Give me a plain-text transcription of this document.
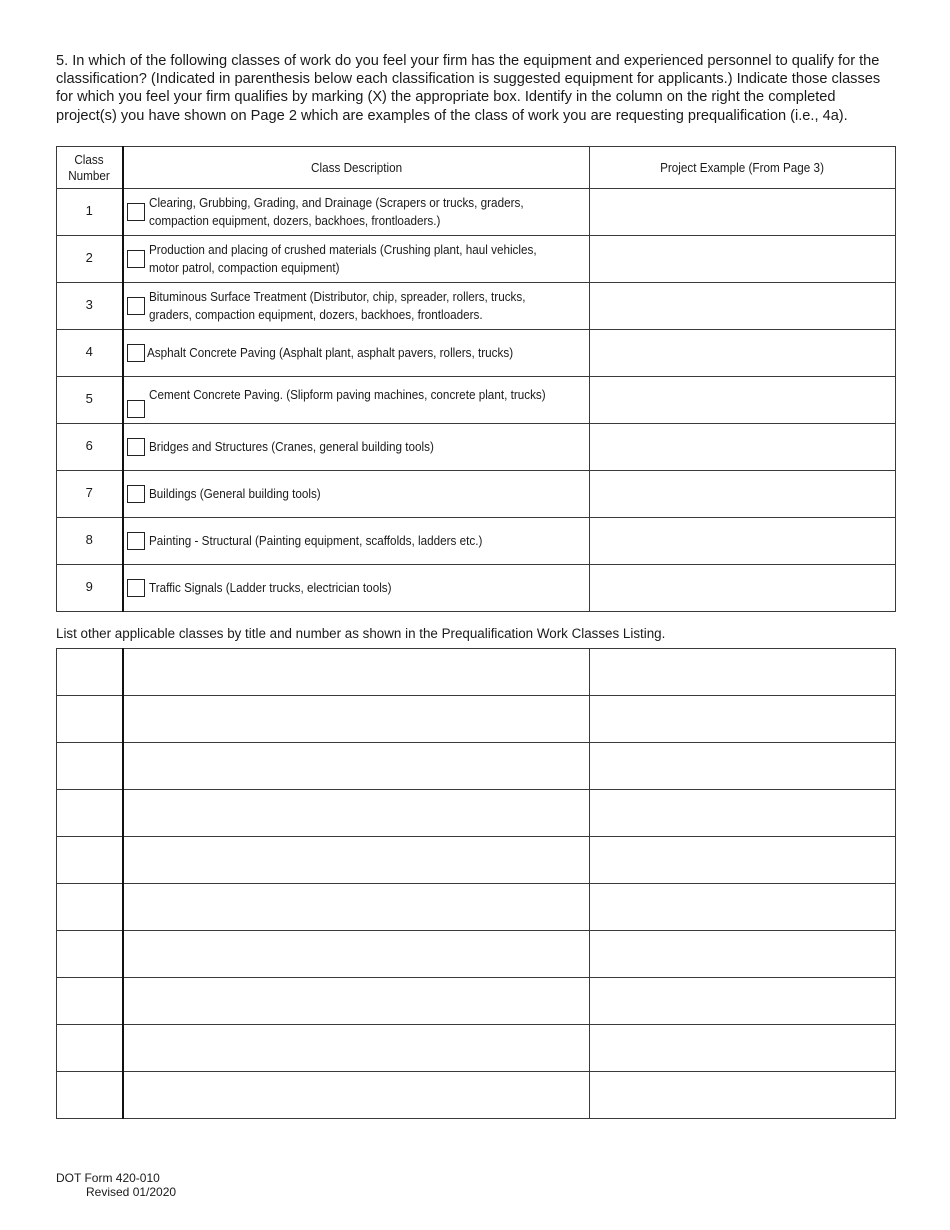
5. In which of the following classes of work do you feel your firm has the equipment and experienced personnel to qualify for the classification? (Indicated in parenthesis below each classification is suggested equipment for applicants.) Indicate those classes for which you feel your firm qualifies by marking (X) the appropriate box. Identify in the column on the right the completed project(s) you have shown on Page 2 which are examples of the class of work you are requesting prequalification (i.e., 4a).
Class Number	Class Description	Project Example (From Page 3)
1	Clearing, Grubbing, Grading, and Drainage (Scrapers or trucks, graders,
compaction equipment, dozers, backhoes, frontloaders.)	

2	Production and placing of crushed materials (Crushing plant, haul vehicles,
motor patrol, compaction equipment)	

3	Bituminous Surface Treatment (Distributor, chip, spreader, rollers, trucks,
graders, compaction equipment, dozers, backhoes, frontloaders.	

4	Asphalt Concrete Paving (Asphalt plant, asphalt pavers, rollers, trucks)	

5	Cement Concrete Paving. (Slipform paving machines, concrete plant, trucks)	

6	Bridges and Structures (Cranes, general building tools)	

7	Buildings (General building tools)	

8	Painting - Structural (Painting equipment, scaffolds, ladders etc.)	

9	Traffic Signals (Ladder trucks, electrician tools)	

List other applicable classes by title and number as shown in the Prequalification Work Classes Listing.

DOT Form 420-010
Revised 01/2020
